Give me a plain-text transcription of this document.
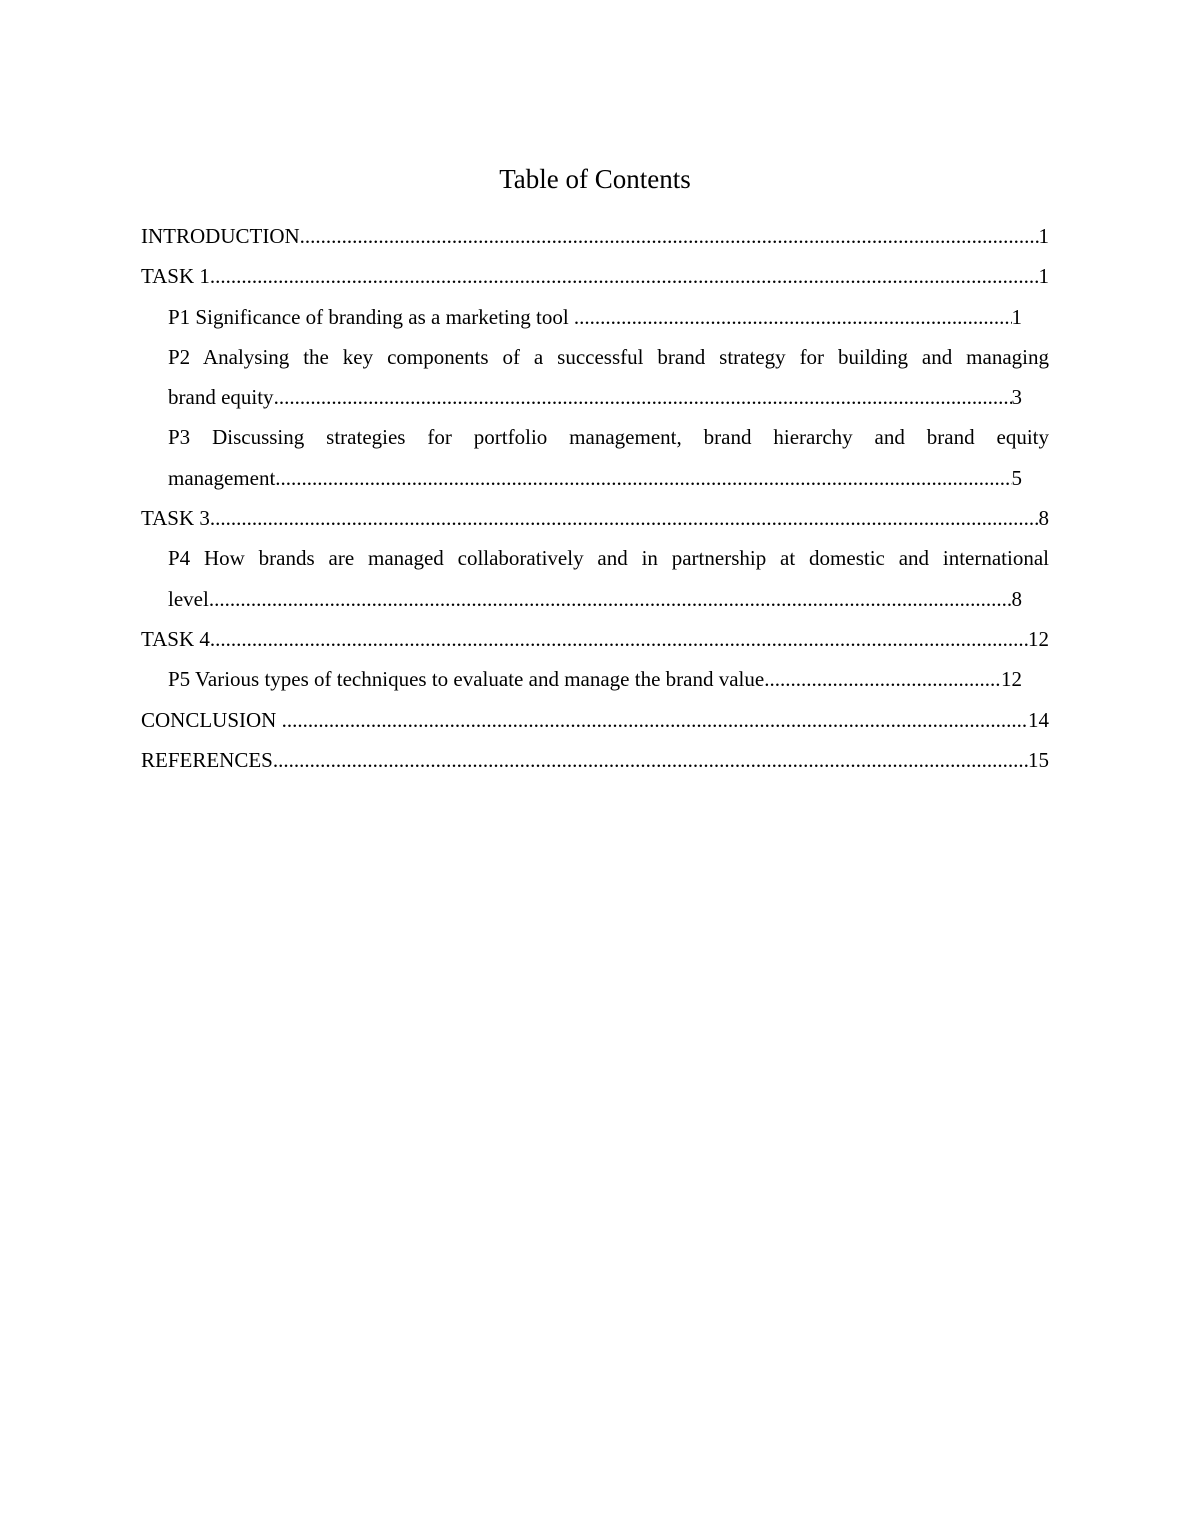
Table of Contents
INTRODUCTION .....	1
TASK 1 .....	1
P1 Significance of branding as a marketing tool .....	1
P2 Analysing the key components of a successful brand strategy for building and managing
brand equity .....	3
P3 Discussing strategies for portfolio management, brand hierarchy and brand equity
management .....	5
TASK 3 .....	8
P4 How brands are managed collaboratively and in partnership at domestic and international
level .....	8
TASK 4 .....	12
P5 Various types of techniques to evaluate and manage the brand value .....	12
CONCLUSION .....	14
REFERENCES .....	15
